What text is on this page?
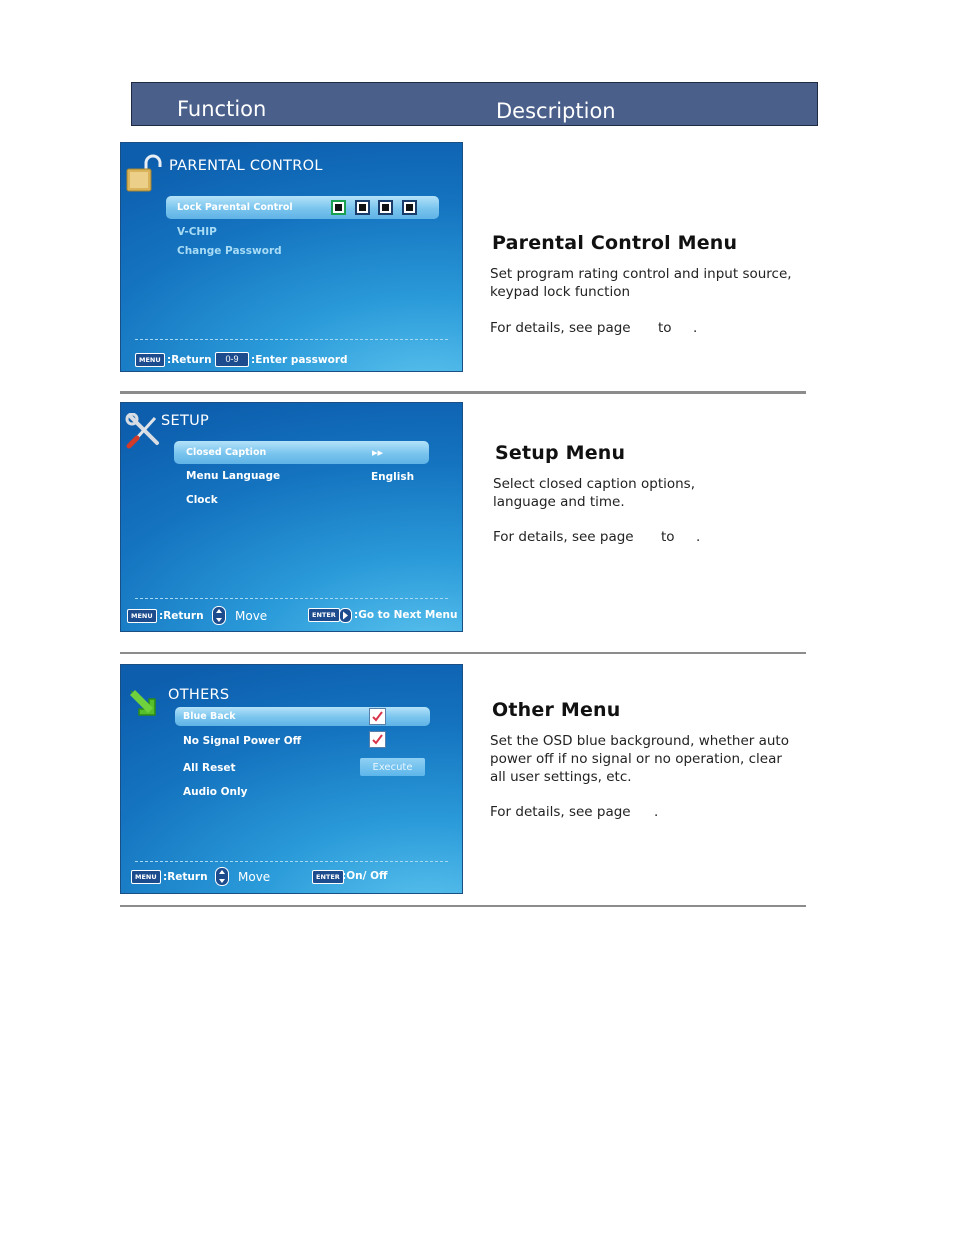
Function	Description
PARENTAL CONTROL
Lock Parental Control
V-CHIP
Change Password
MENU :Return	0-9	:Enter password
Parental Control Menu
Set program rating control and input source,
keypad lock function
For details, see page to .
SETUP
Closed Caption	▸▸
Menu Language	English
Clock
MENU :Return	Move	ENTER	:Go to Next Menu
Setup Menu
Select closed caption options,
language and time.
For details, see page to .
OTHERS
Blue Back
No Signal Power Off
All Reset	Execute
Audio Only
MENU :Return	Move	ENTER :On/ Off
Other Menu
Set the OSD blue background, whether auto
power off if no signal or no operation, clear
all user settings, etc.
For details, see page .
